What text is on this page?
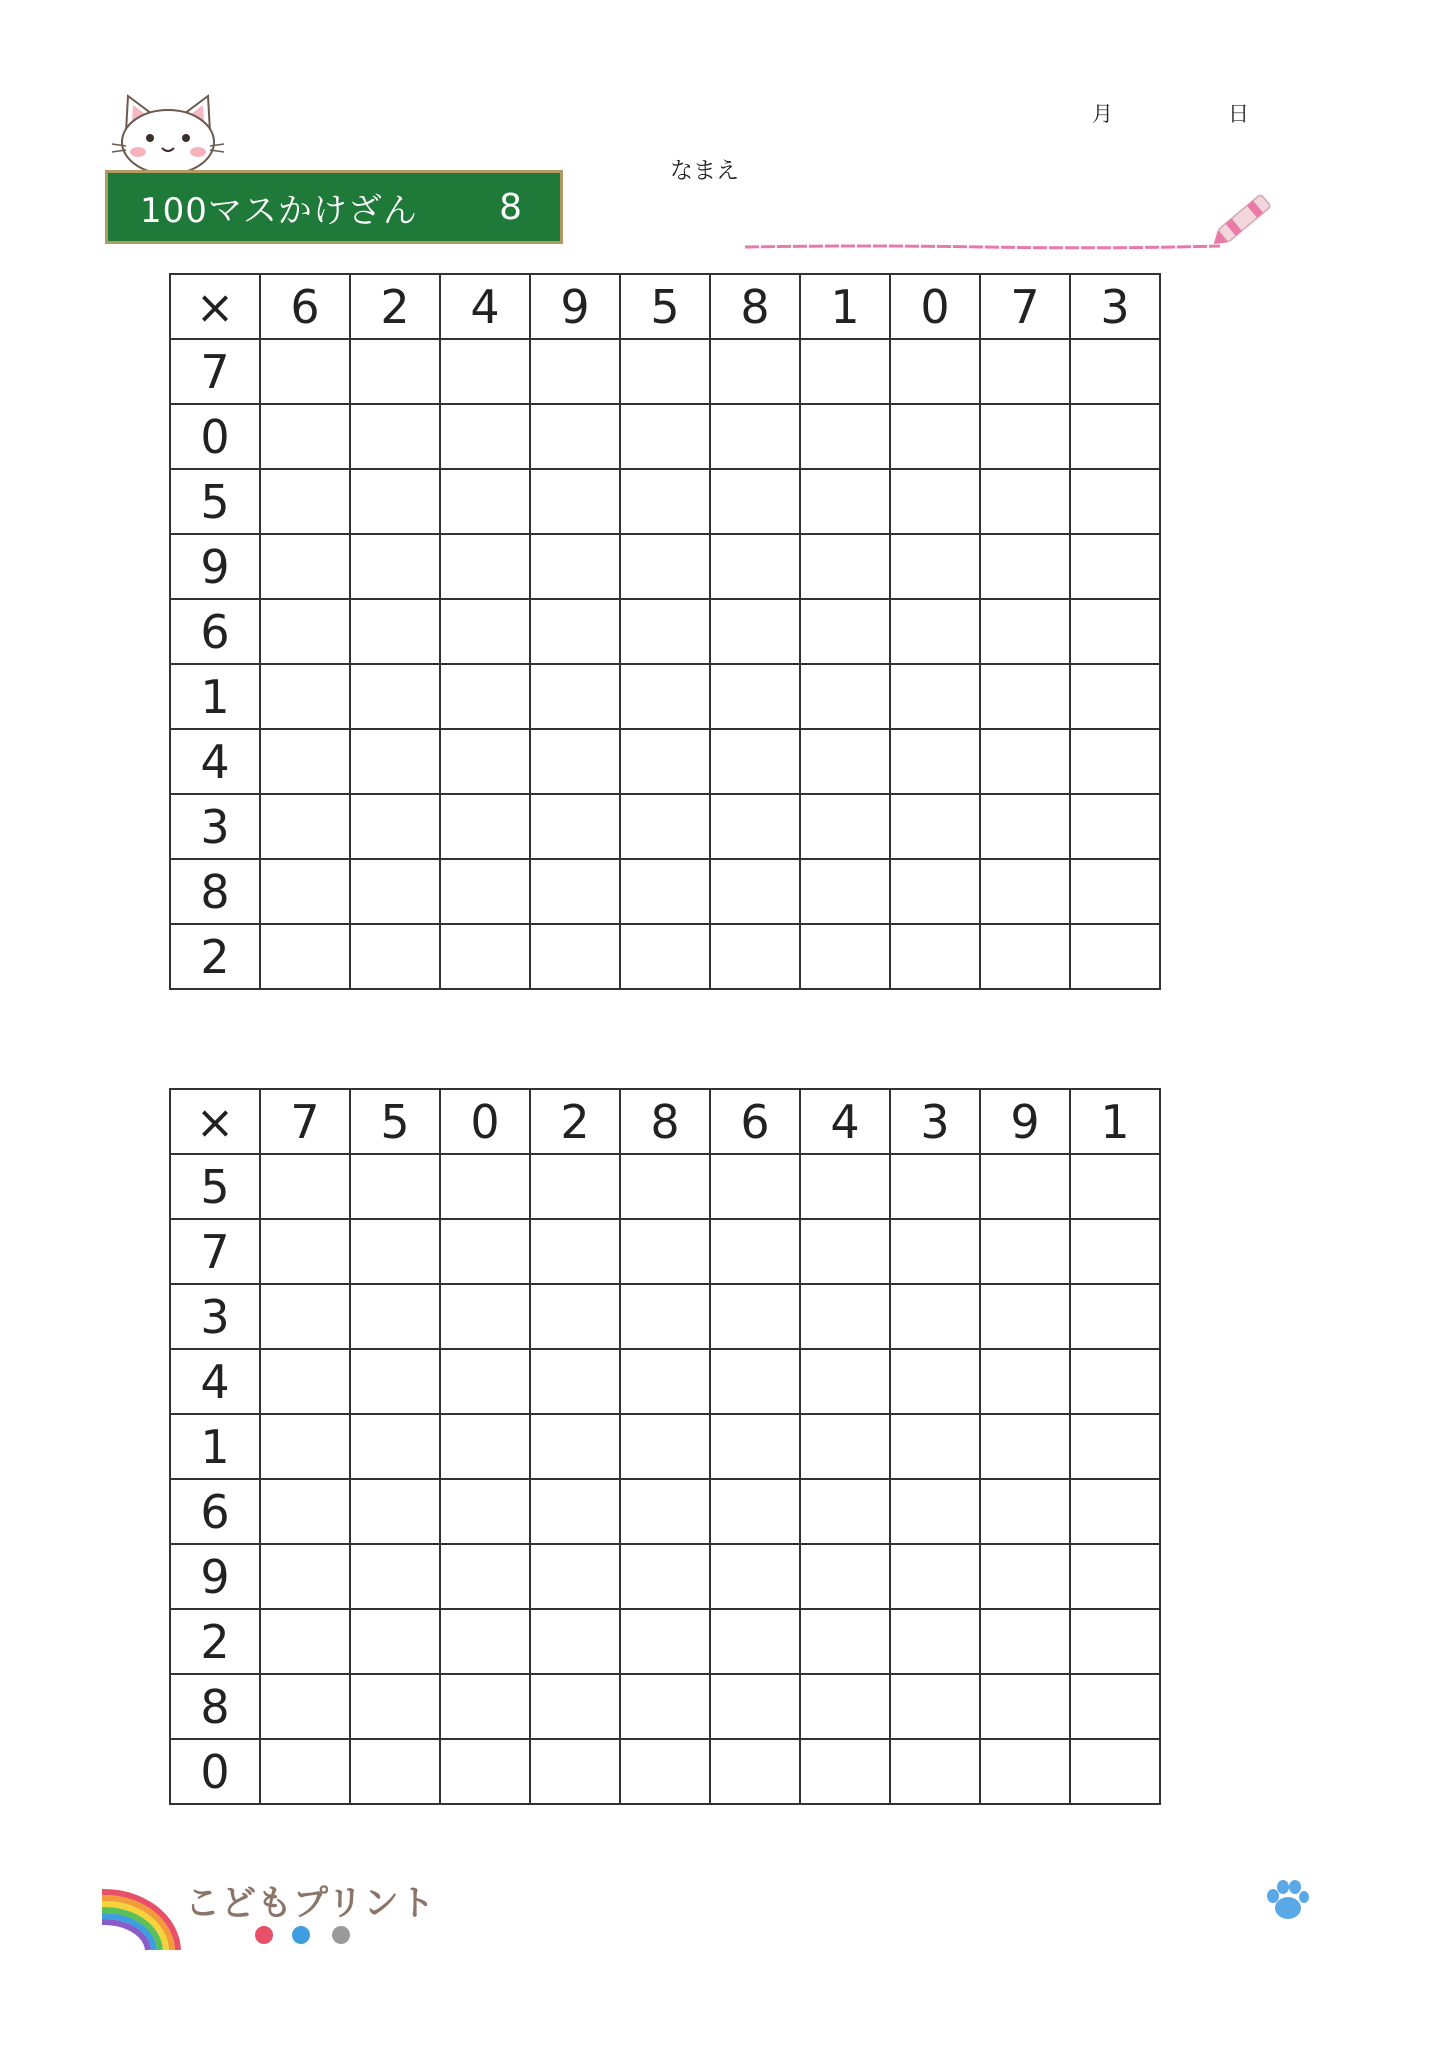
100マスかけざん 8
月	日
なまえ
×	6	2	4	9	5	8	1	0	7	3
7										
0										
5										
9										
6										
1										
4										
3										
8										
2										
×	7	5	0	2	8	6	4	3	9	1
5										
7										
3										
4										
1										
6										
9										
2										
8										
0										
こどもプリント
